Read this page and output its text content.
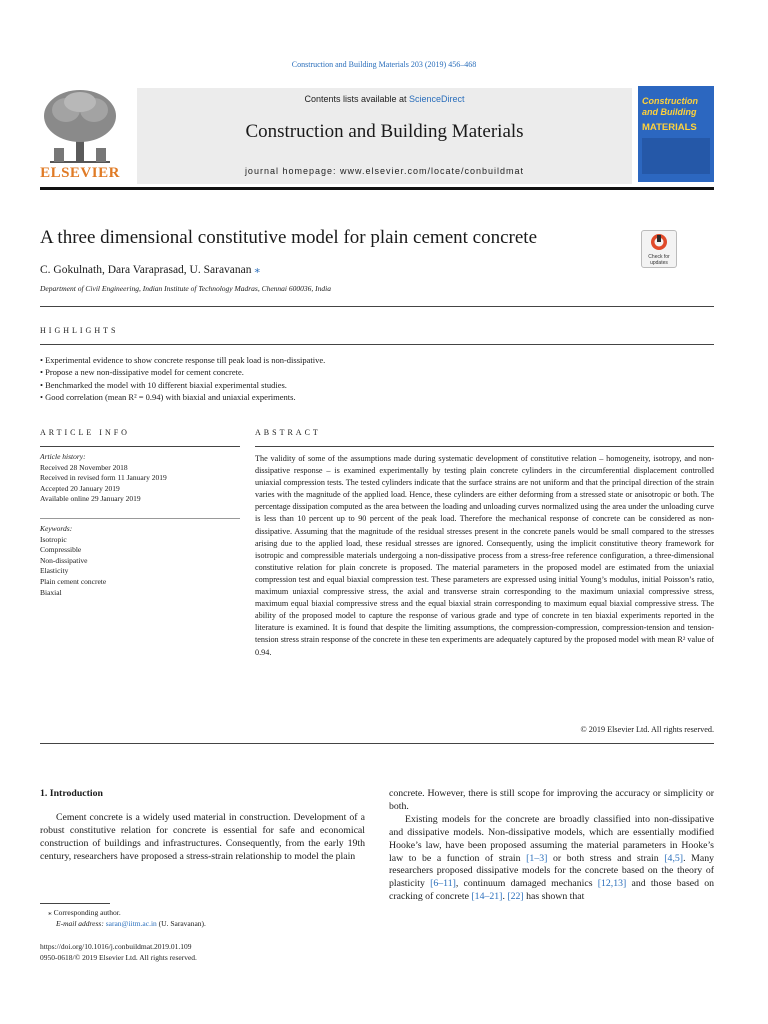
Construction and Building Materials 203 (2019) 456–468
ELSEVIER
Contents lists available at ScienceDirect
Construction and Building Materials
journal homepage: www.elsevier.com/locate/conbuildmat
Construction and Building
MATERIALS
A three dimensional constitutive model for plain cement concrete
Check for updates
C. Gokulnath, Dara Varaprasad, U. Saravanan ⁎
Department of Civil Engineering, Indian Institute of Technology Madras, Chennai 600036, India
HIGHLIGHTS
• Experimental evidence to show concrete response till peak load is non-dissipative.
• Propose a new non-dissipative model for cement concrete.
• Benchmarked the model with 10 different biaxial experimental studies.
• Good correlation (mean R² = 0.94) with biaxial and uniaxial experiments.
ARTICLE INFO
Article history:
Received 28 November 2018
Received in revised form 11 January 2019
Accepted 20 January 2019
Available online 29 January 2019
Keywords:
Isotropic
Compressible
Non-dissipative
Elasticity
Plain cement concrete
Biaxial
ABSTRACT
The validity of some of the assumptions made during systematic development of constitutive relation – homogeneity, isotropy, and non-dissipative response – is examined experimentally by testing plain concrete cylinders in the circumferential displacement controlled uniaxial compression tests. The tested cylinders indicate that the surface strains are not uniform and that the principal direction of the strain varies with the magnitude of the applied load. Hence, these cylinders are either deforming from a stressed state or anisotropic or both. The percentage dissipation computed as the area between the loading and unloading curves normalized using the area under the unloading curve is less than 10 percent up to 90 percent of the peak load. Therefore the mechanical response of concrete can be considered as non-dissipative. Assuming that the magnitude of the residual stresses present in the concrete panels would be small compared to the stresses arising due to the applied load, these residual stresses are ignored. Consequently, using the implicit constitutive theory framework for isotropic and compressible materials undergoing a non-dissipative process from a stress-free reference configuration, a three-dimensional constitutive relation for plain concrete is proposed. The material parameters in the proposed model are estimated from the uniaxial compression test and equal biaxial compression test. These parameters are expressed using initial Young’s modulus, initial Poisson’s ratio, maximum uniaxial compressive stress, the axial and transverse strain corresponding to the maximum uniaxial compressive stress, maximum equal biaxial compressive stress and the equal biaxial strain corresponding to maximum equal biaxial compressive stress. The ability of the proposed model to capture the response of various grade and type of concrete in ten biaxial experiments reported in the literature is examined. It is found that despite the limiting assumptions, the compression-compression, compression-tension and tension-tension stress strain response of the concrete in these ten experiments are adequately captured by the proposed model with mean R² value of 0.94.
© 2019 Elsevier Ltd. All rights reserved.
1. Introduction

Cement concrete is a widely used material in construction. Development of a robust constitutive relation for concrete is essential for safe and economical construction of buildings and infrastructures. Consequently, from the early 19th century, researchers have proposed a stress-strain relationship to model the plain

concrete. However, there is still scope for improving the accuracy or simplicity or both.

Existing models for the concrete are broadly classified into non-dissipative and dissipative models. Non-dissipative models, which are essentially modified Hooke’s law, have been proposed assuming the material parameters in Hooke’s law to be a function of strain [1–3] or both stress and strain [4,5]. Many researchers proposed dissipative models for the concrete based on the theory of plasticity [6–11], continuum damaged mechanics [12,13] and those based on cracking of concrete [14–21]. [22] has shown that

⁎ Corresponding author.
E-mail address: saran@iitm.ac.in (U. Saravanan).
https://doi.org/10.1016/j.conbuildmat.2019.01.109
0950-0618/© 2019 Elsevier Ltd. All rights reserved.
